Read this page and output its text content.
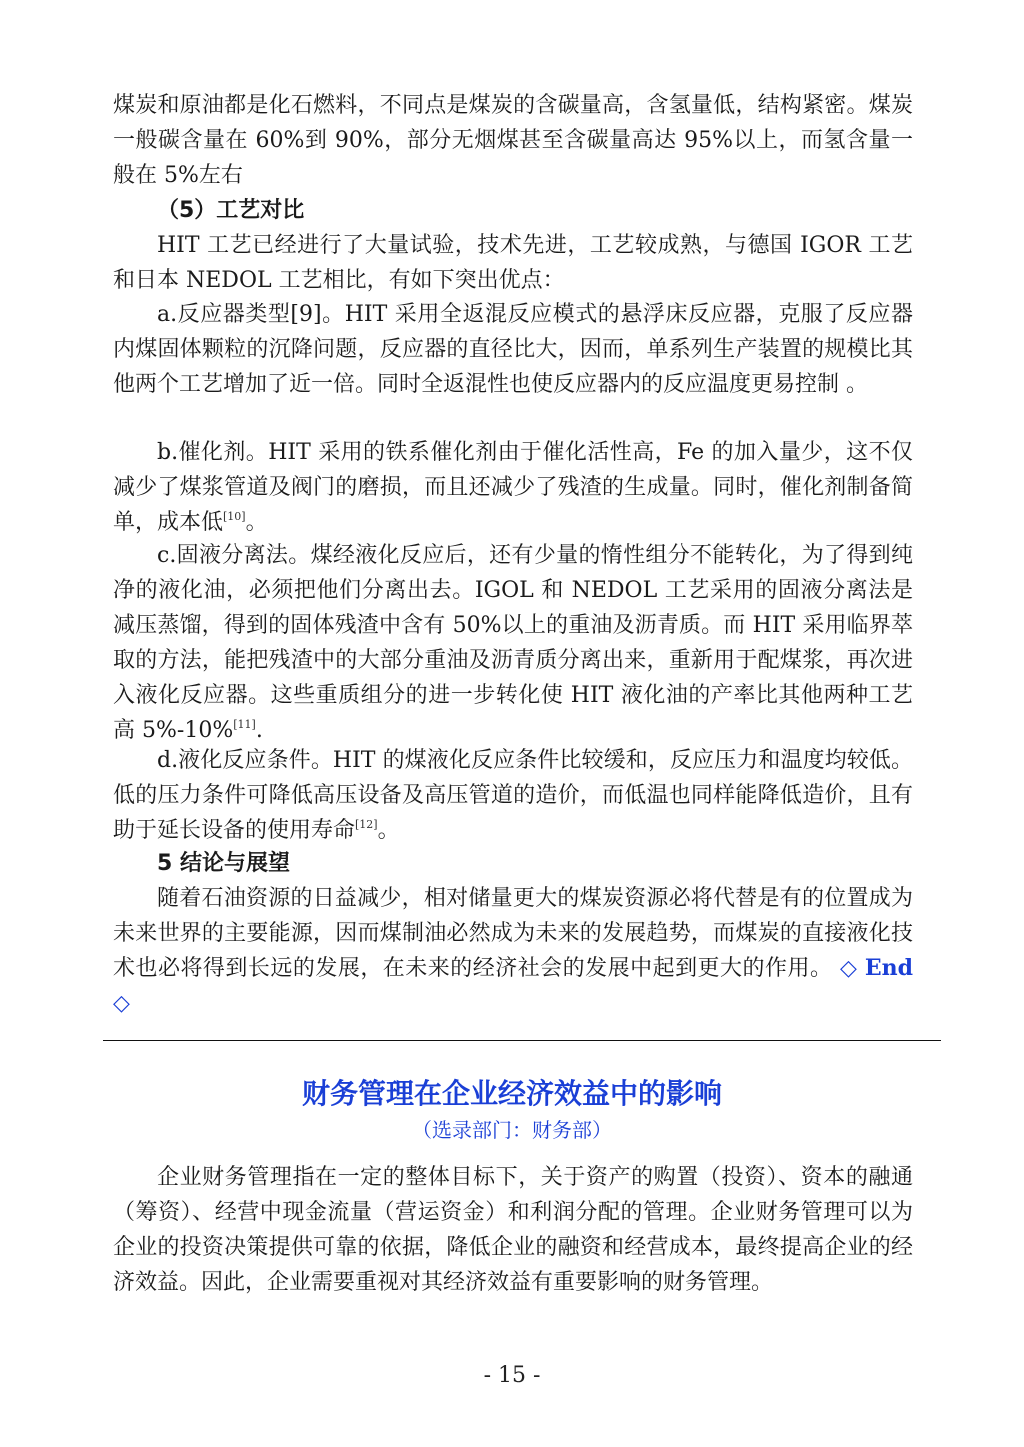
煤炭和原油都是化石燃料，不同点是煤炭的含碳量高，含氢量低，结构紧密。煤炭一般碳含量在 60%到 90%，部分无烟煤甚至含碳量高达 95%以上，而氢含量一般在 5%左右

（5）工艺对比

HIT 工艺已经进行了大量试验，技术先进，工艺较成熟，与德国 IGOR 工艺和日本 NEDOL 工艺相比，有如下突出优点：

a.反应器类型[9]。HIT 采用全返混反应模式的悬浮床反应器，克服了反应器内煤固体颗粒的沉降问题，反应器的直径比大，因而，单系列生产装置的规模比其他两个工艺增加了近一倍。同时全返混性也使反应器内的反应温度更易控制 。

b.催化剂。HIT 采用的铁系催化剂由于催化活性高，Fe 的加入量少，这不仅减少了煤浆管道及阀门的磨损，而且还减少了残渣的生成量。同时，催化剂制备简单，成本低[10]。

c.固液分离法。煤经液化反应后，还有少量的惰性组分不能转化，为了得到纯净的液化油，必须把他们分离出去。IGOL 和 NEDOL 工艺采用的固液分离法是减压蒸馏，得到的固体残渣中含有 50%以上的重油及沥青质。而 HIT 采用临界萃取的方法，能把残渣中的大部分重油及沥青质分离出来，重新用于配煤浆，再次进入液化反应器。这些重质组分的进一步转化使 HIT 液化油的产率比其他两种工艺高 5%-10%[11].

d.液化反应条件。HIT 的煤液化反应条件比较缓和，反应压力和温度均较低。低的压力条件可降低高压设备及高压管道的造价，而低温也同样能降低造价，且有助于延长设备的使用寿命[12]。

5 结论与展望

随着石油资源的日益减少，相对储量更大的煤炭资源必将代替是有的位置成为未来世界的主要能源，因而煤制油必然成为未来的发展趋势，而煤炭的直接液化技术也必将得到长远的发展，在未来的经济社会的发展中起到更大的作用。 ◇ End ◇

财务管理在企业经济效益中的影响

（选录部门：财务部）

企业财务管理指在一定的整体目标下，关于资产的购置（投资）、资本的融通（筹资）、经营中现金流量（营运资金）和利润分配的管理。企业财务管理可以为企业的投资决策提供可靠的依据，降低企业的融资和经营成本，最终提高企业的经济效益。因此，企业需要重视对其经济效益有重要影响的财务管理。

- 15 -
